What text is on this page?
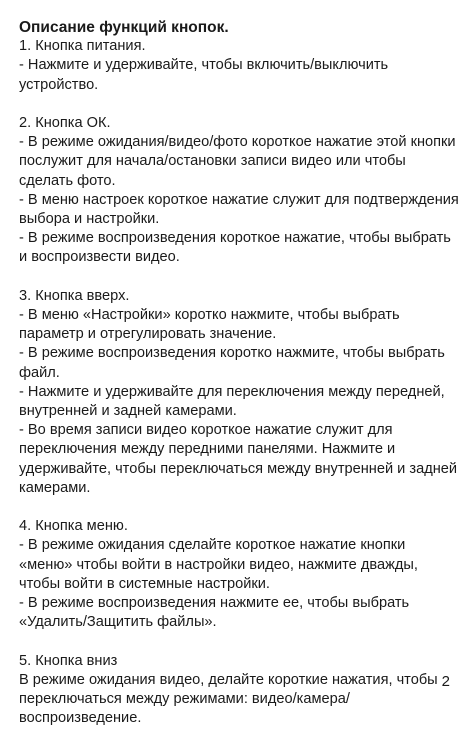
Описание функций кнопок.

1. Кнопка питания.
- Нажмите и удерживайте, чтобы включить/выключить устройство.
2. Кнопка ОК.
- В режиме ожидания/видео/фото короткое нажатие этой кнопки послужит для начала/остановки записи видео или чтобы сделать фото.
- В меню настроек короткое нажатие служит для подтверждения выбора и настройки.
- В режиме воспроизведения короткое нажатие, чтобы выбрать и воспроизвести видео.
3. Кнопка вверх.
- В меню «Настройки» коротко нажмите, чтобы выбрать параметр и отрегулировать значение.
- В режиме воспроизведения коротко нажмите, чтобы выбрать файл.
- Нажмите и удерживайте для переключения между передней, внутренней и задней камерами.
- Во время записи видео короткое нажатие служит для переключения между передними панелями. Нажмите и удерживайте, чтобы переключаться между внутренней и задней камерами.
4. Кнопка меню.
- В режиме ожидания сделайте короткое нажатие кнопки «меню» чтобы войти в настройки видео, нажмите дважды, чтобы войти в системные настройки.
- В режиме воспроизведения нажмите ее, чтобы выбрать «Удалить/Защитить файлы».
5. Кнопка вниз
В режиме ожидания видео, делайте короткие нажатия, чтобы переключаться между режимами: видео/камера/воспроизведение.
2
